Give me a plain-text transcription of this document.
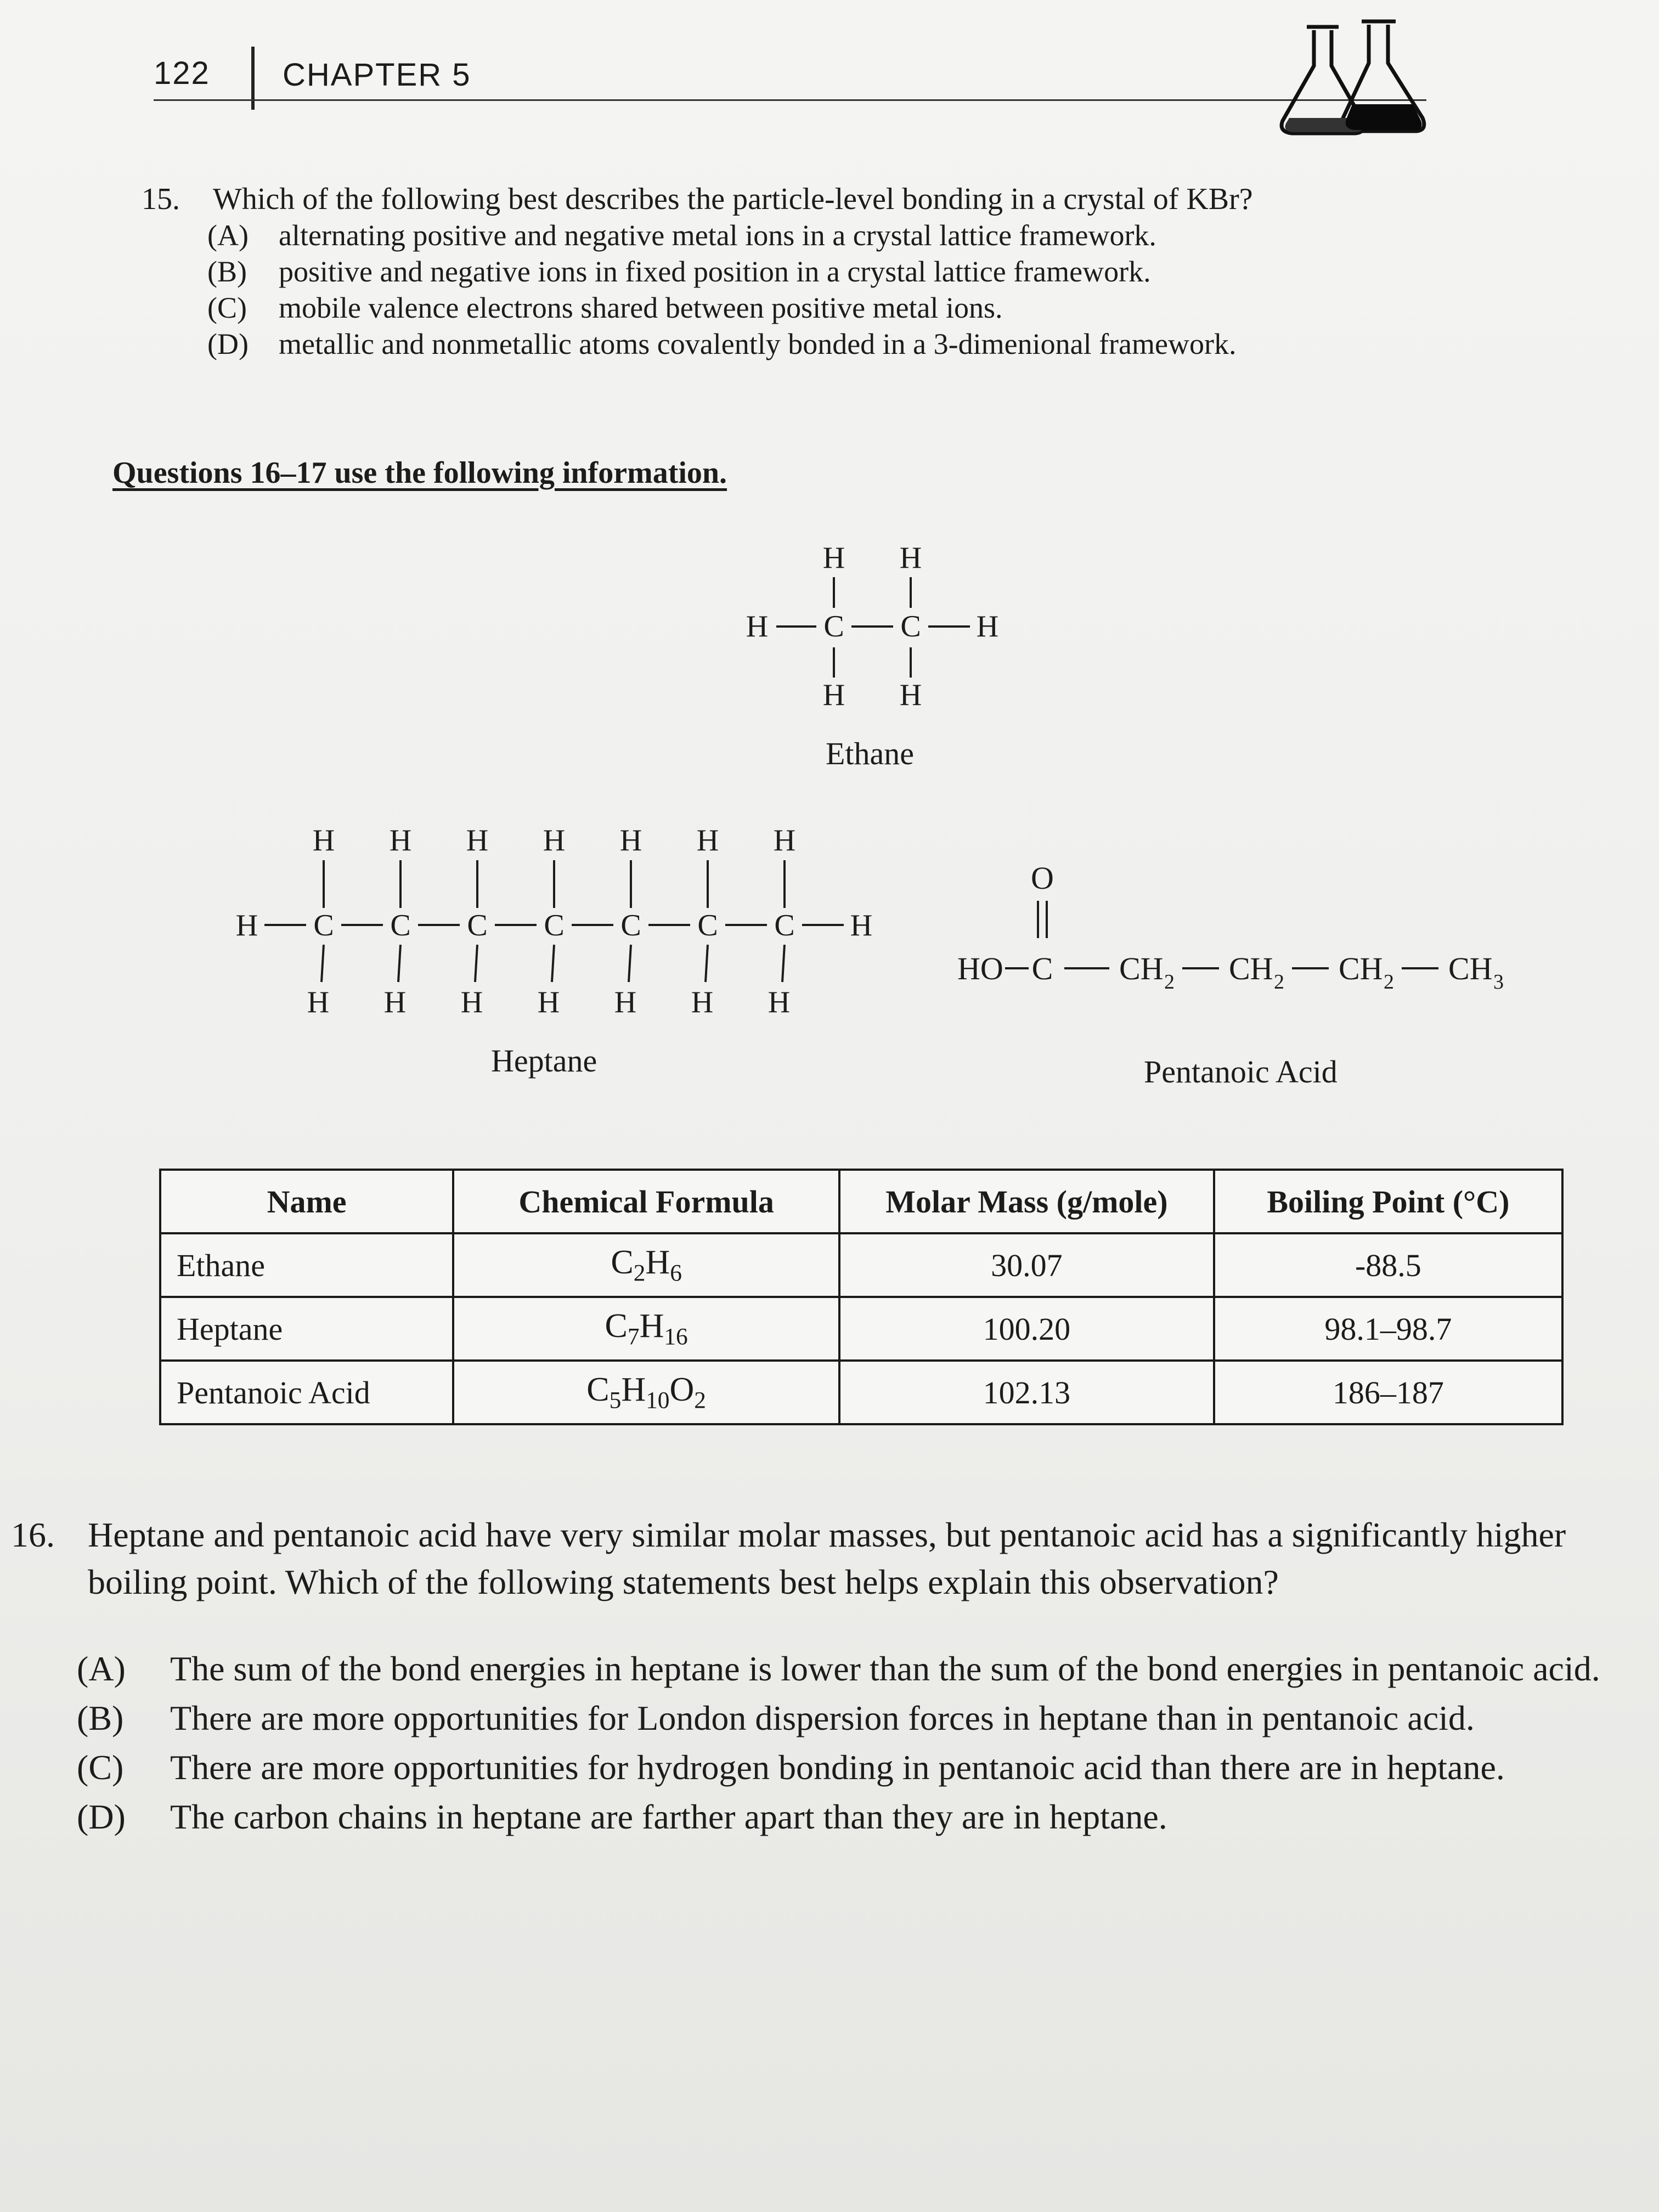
122 CHAPTER 5
15. Which of the following best describes the particle-level bonding in a crystal of KBr?
(A) alternating positive and negative metal ions in a crystal lattice framework.
(B) positive and negative ions in fixed position in a crystal lattice framework.
(C) mobile valence electrons shared between positive metal ions.
(D) metallic and nonmetallic atoms covalently bonded in a 3-dimenional framework.
Questions 16–17 use the following information.
H H
H C C H
H H
Ethane
H H H H H H H
H C C C C C C C H
H H H H H H H
Heptane
O
HO C CH 2 CH 2 CH 2 CH 3
Pentanoic Acid
Name	Chemical Formula	Molar Mass (g/mole)	Boiling Point (°C)
Ethane	$C_2H_6$	30.07	-88.5
Heptane	$C_7H_{16}$	100.20	98.1–98.7
Pentanoic Acid	$C_5H_{10}O_2$	102.13	186–187
16. Heptane and pentanoic acid have very similar molar masses, but pentanoic acid has a significantly higher boiling point. Which of the following statements best helps explain this observation?
(A) The sum of the bond energies in heptane is lower than the sum of the bond energies in pentanoic acid.
(B) There are more opportunities for London dispersion forces in heptane than in pentanoic acid.
(C) There are more opportunities for hydrogen bonding in pentanoic acid than there are in heptane.
(D) The carbon chains in heptane are farther apart than they are in heptane.
